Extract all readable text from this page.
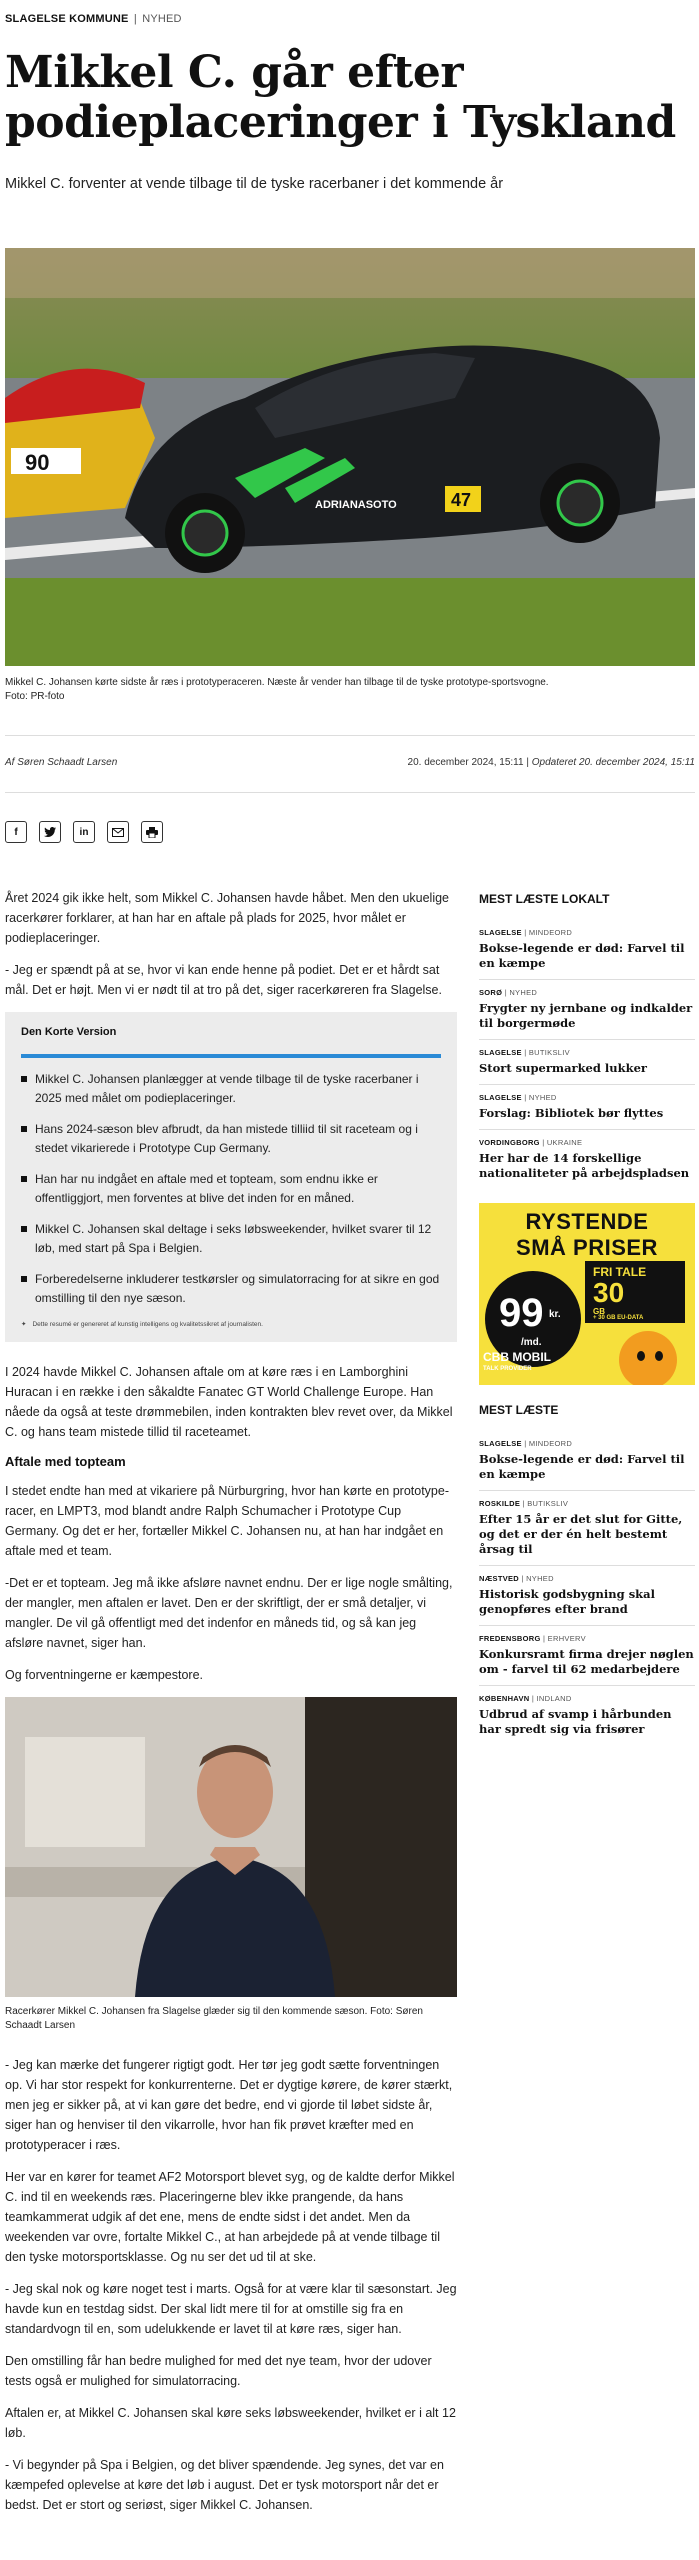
SLAGELSE KOMMUNE | NYHED
Mikkel C. går efter podieplaceringer i Tyskland

Mikkel C. forventer at vende tilbage til de tyske racerbaner i det kommende år

90
ADRIANASOTO	47
Mikkel C. Johansen kørte sidste år ræs i prototyperaceren. Næste år vender han tilbage til de tyske prototype-sportsvogne.
Foto: PR-foto
Af Søren Schaadt Larsen	20. december 2024, 15:11 | Opdateret 20. december 2024, 15:11
f	in

Året 2024 gik ikke helt, som Mikkel C. Johansen havde håbet. Men den ukuelige racerkører forklarer, at han har en aftale på plads for 2025, hvor målet er podieplaceringer.

- Jeg er spændt på at se, hvor vi kan ende henne på podiet. Det er et hårdt sat mål. Det er højt. Men vi er nødt til at tro på det, siger racerkøreren fra Slagelse.

Den Korte Version
Mikkel C. Johansen planlægger at vende tilbage til de tyske racerbaner i 2025 med målet om podieplaceringer.
Hans 2024-sæson blev afbrudt, da han mistede tilliid til sit raceteam og i stedet vikarierede i Prototype Cup Germany.
Han har nu indgået en aftale med et topteam, som endnu ikke er offentliggjort, men forventes at blive det inden for en måned.
Mikkel C. Johansen skal deltage i seks løbsweekender, hvilket svarer til 12 løb, med start på Spa i Belgien.
Forberedelserne inkluderer testkørsler og simulatorracing for at sikre en god omstilling til den nye sæson.
✦ Dette resumé er genereret af kunstig intelligens og kvalitetssikret af journalisten.

I 2024 havde Mikkel C. Johansen aftale om at køre ræs i en Lamborghini Huracan i en række i den såkaldte Fanatec GT World Challenge Europe. Han nåede da også at teste drømmebilen, inden kontrakten blev revet over, da Mikkel C. og hans team mistede tillid til raceteamet.

Aftale med topteam

I stedet endte han med at vikariere på Nürburgring, hvor han kørte en prototype-racer, en LMPT3, mod blandt andre Ralph Schumacher i Prototype Cup Germany. Og det er her, fortæller Mikkel C. Johansen nu, at han har indgået en aftale med et team.

-Det er et topteam. Jeg må ikke afsløre navnet endnu. Der er lige nogle smålting, der mangler, men aftalen er lavet. Den er der skriftligt, der er små detaljer, vi mangler. De vil gå offentligt med det indenfor en måneds tid, og så kan jeg afsløre navnet, siger han.

Og forventningerne er kæmpestore.

Racerkører Mikkel C. Johansen fra Slagelse glæder sig til den kommende sæson. Foto: Søren Schaadt Larsen

- Jeg kan mærke det fungerer rigtigt godt. Her tør jeg godt sætte forventningen op. Vi har stor respekt for konkurrenterne. Det er dygtige kørere, de kører stærkt, men jeg er sikker på, at vi kan gøre det bedre, end vi gjorde til løbet sidste år, siger han og henviser til den vikarrolle, hvor han fik prøvet kræfter med en prototyperacer i ræs.

Her var en kører for teamet AF2 Motorsport blevet syg, og de kaldte derfor Mikkel C. ind til en weekends ræs. Placeringerne blev ikke prangende, da hans teamkammerat udgik af det ene, mens de endte sidst i det andet. Men da weekenden var ovre, fortalte Mikkel C., at han arbejdede på at vende tilbage til den tyske motorsportsklasse. Og nu ser det ud til at ske.

- Jeg skal nok og køre noget test i marts. Også for at være klar til sæsonstart. Jeg havde kun en testdag sidst. Der skal lidt mere til for at omstille sig fra en standardvogn til en, som udelukkende er lavet til at køre ræs, siger han.

Den omstilling får han bedre mulighed for med det nye team, hvor der udover tests også er mulighed for simulatorracing.

Aftalen er, at Mikkel C. Johansen skal køre seks løbsweekender, hvilket er i alt 12 løb.

- Vi begynder på Spa i Belgien, og det bliver spændende. Jeg synes, det var en kæmpefed oplevelse at køre det løb i august. Det er tysk motorsport når det er bedst. Det er stort og seriøst, siger Mikkel C. Johansen.

MEST LÆSTE LOKALT
SLAGELSE | MINDEORD
Bokse-legende er død: Farvel til en kæmpe
SORØ | NYHED
Frygter ny jernbane og indkalder til borgermøde
SLAGELSE | BUTIKSLIV
Stort supermarked lukker
SLAGELSE | NYHED
Forslag: Bibliotek bør flyttes
VORDINGBORG | UKRAINE
Her har de 14 forskellige nationaliteter på arbejdspladsen
RYSTENDE
SMÅ PRISER
99 kr.
/md.
FRI TALE
30
GB
+ 30 GB EU-DATA
CBB MOBIL
TALK PROVIDER
MEST LÆSTE
SLAGELSE | MINDEORD
Bokse-legende er død: Farvel til en kæmpe
ROSKILDE | BUTIKSLIV
Efter 15 år er det slut for Gitte, og det er der én helt bestemt årsag til
NÆSTVED | NYHED
Historisk godsbygning skal genopføres efter brand
FREDENSBORG | ERHVERV
Konkursramt firma drejer nøglen om - farvel til 62 medarbejdere
KØBENHAVN | INDLAND
Udbrud af svamp i hårbunden har spredt sig via frisører
